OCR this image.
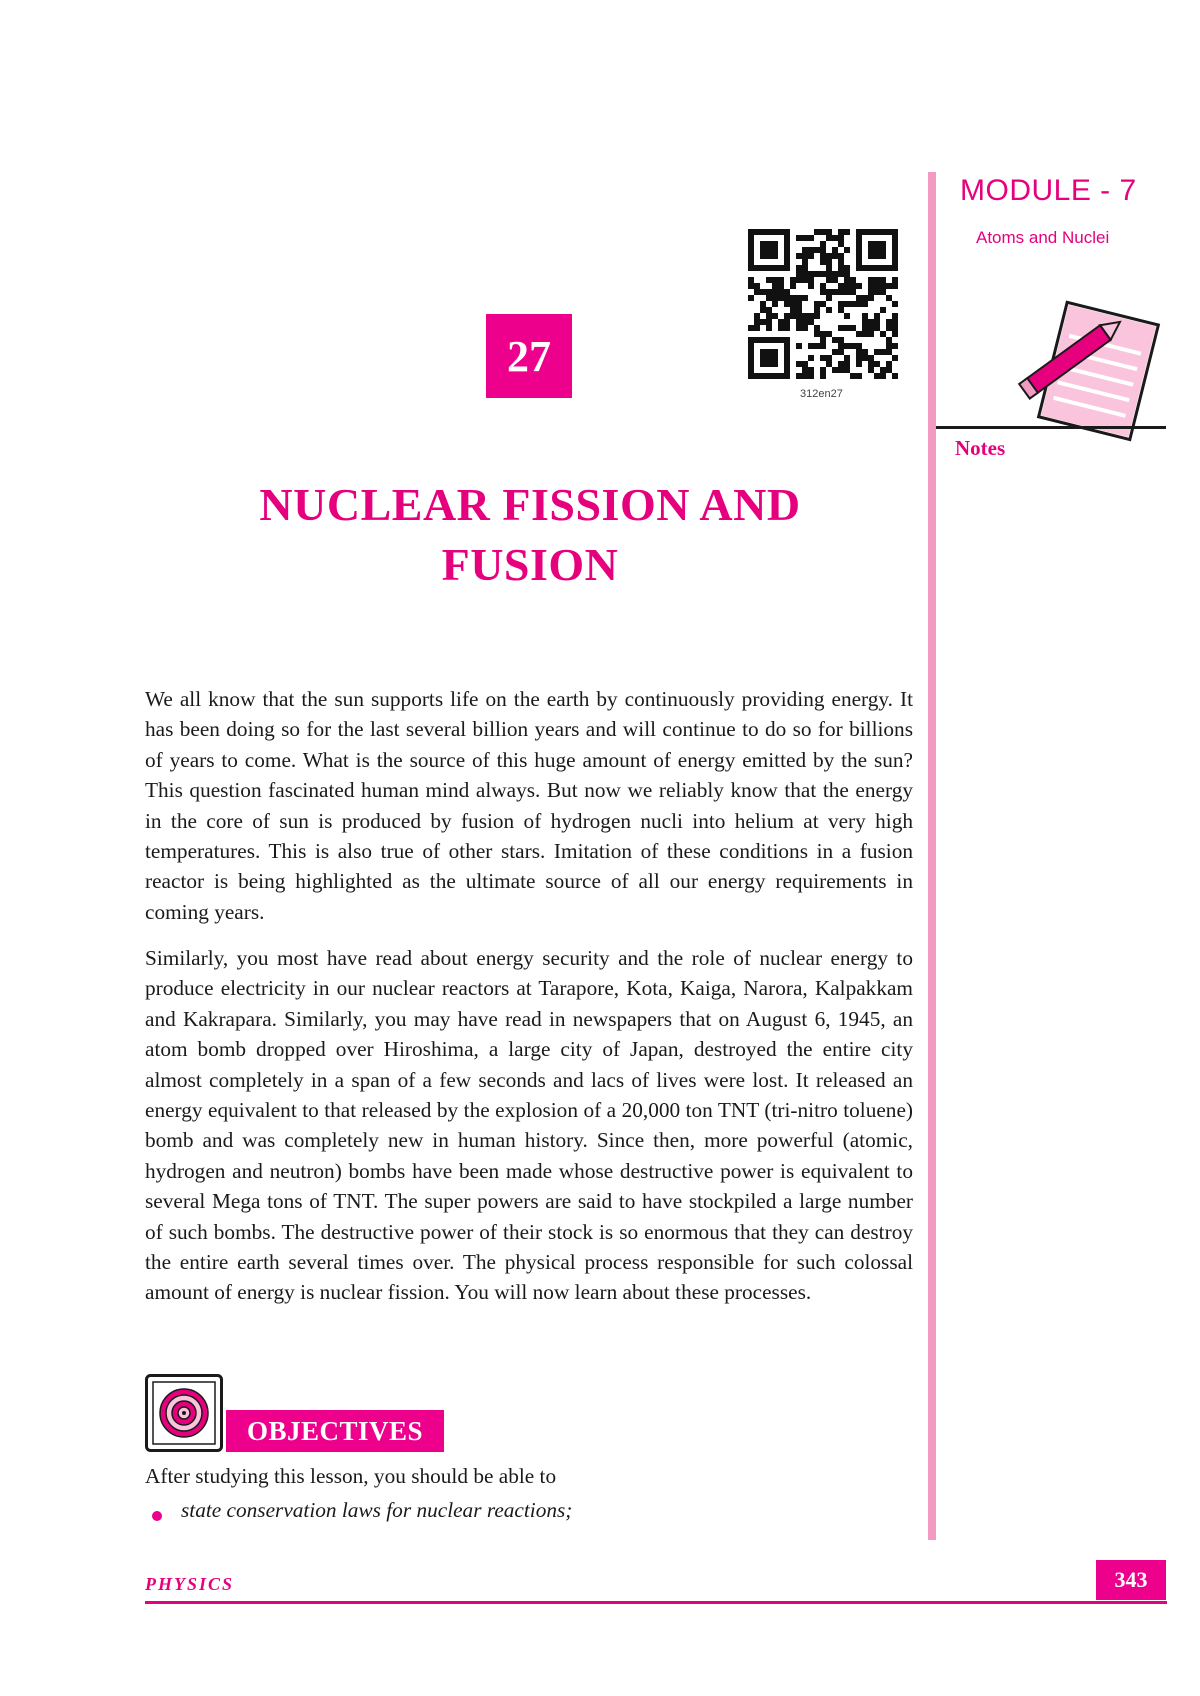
MODULE - 7
Atoms and Nuclei
Notes
27
312en27
NUCLEAR FISSION AND
FUSION

We all know that the sun supports life on the earth by continuously providing energy. It has been doing so for the last several billion years and will continue to do so for billions of years to come. What is the source of this huge amount of energy emitted by the sun? This question fascinated human mind always. But now we reliably know that the energy in the core of sun is produced by fusion of hydrogen nucli into helium at very high temperatures. This is also true of other stars. Imitation of these conditions in a fusion reactor is being highlighted as the ultimate source of all our energy requirements in coming years.

Similarly, you most have read about energy security and the role of nuclear energy to produce electricity in our nuclear reactors at Tarapore, Kota, Kaiga, Narora, Kalpakkam and Kakrapara. Similarly, you may have read in newspapers that on August 6, 1945, an atom bomb dropped over Hiroshima, a large city of Japan, destroyed the entire city almost completely in a span of a few seconds and lacs of lives were lost. It released an energy equivalent to that released by the explosion of a 20,000 ton TNT (tri-nitro toluene) bomb and was completely new in human history. Since then, more powerful (atomic, hydrogen and neutron) bombs have been made whose destructive power is equivalent to several Mega tons of TNT. The super powers are said to have stockpiled a large number of such bombs. The destructive power of their stock is so enormous that they can destroy the entire earth several times over. The physical process responsible for such colossal amount of energy is nuclear fission. You will now learn about these processes.

OBJECTIVES
After studying this lesson, you should be able to
state conservation laws for nuclear reactions;
PHYSICS	343
